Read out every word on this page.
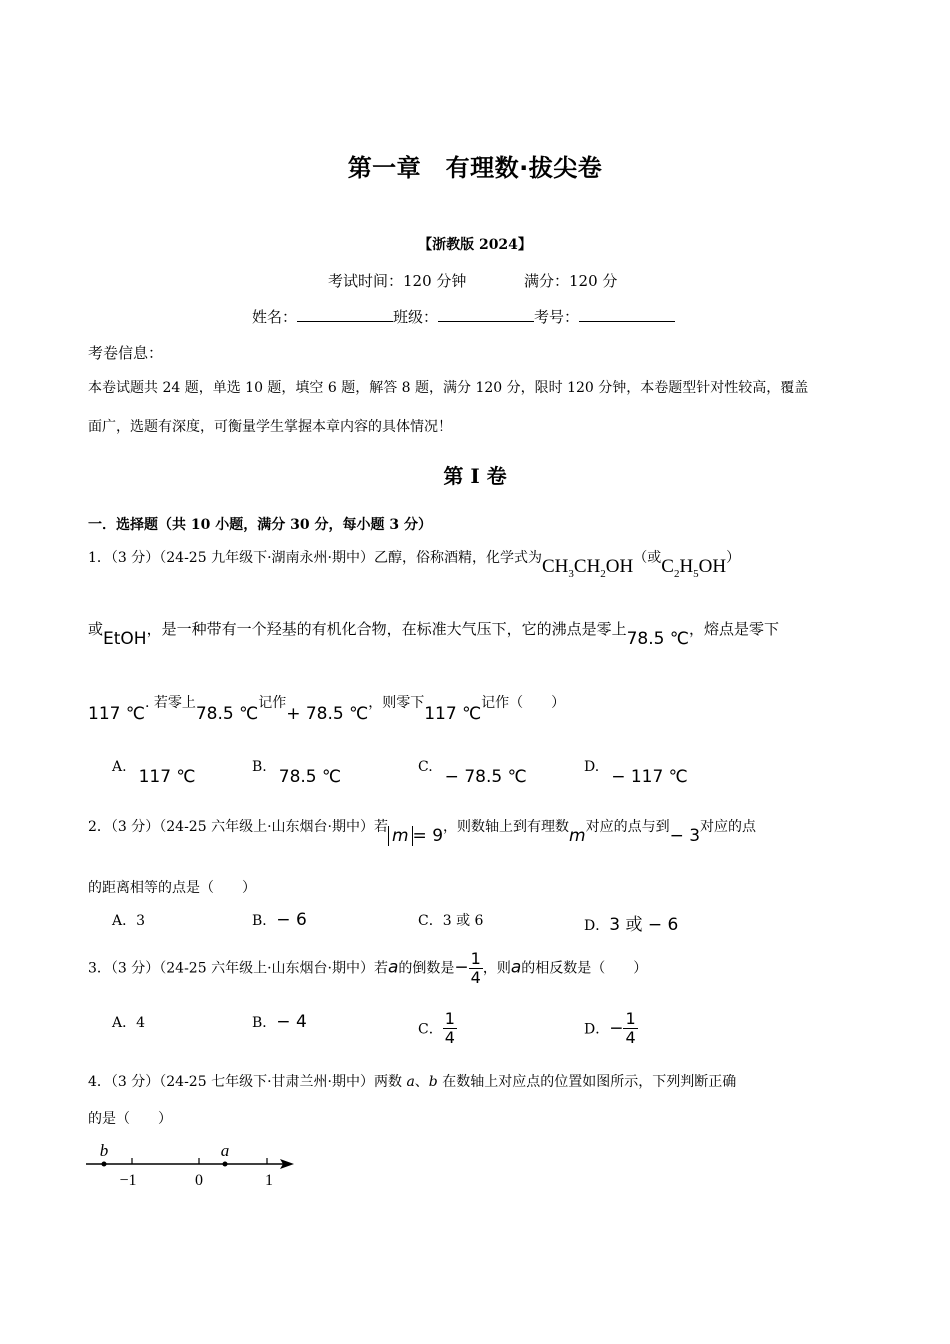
第一章　有理数·拔尖卷
【浙教版 2024】
考试时间：120 分钟	满分：120 分
姓名：	班级：	考号：
考卷信息：
本卷试题共 24 题，单选 10 题，填空 6 题，解答 8 题，满分 120 分，限时 120 分钟，本卷题型针对性较高，覆盖
面广，选题有深度，可衡量学生掌握本章内容的具体情况！
第 I 卷
一．选择题（共 10 小题，满分 30 分，每小题 3 分）
1．（3 分）（24-25 九年级下·湖南永州·期中）乙醇，俗称酒精，化学式为$CH_3CH_2OH$（或$C_2H_5OH$）
或EtOH，是一种带有一个羟基的有机化合物，在标准大气压下，它的沸点是零上78.5 ℃，熔点是零下
117 ℃. 若零上78.5 ℃记作+ 78.5 ℃，则零下117 ℃记作（　　）
A. 117 ℃	B. 78.5 ℃	C. − 78.5 ℃	D. − 117 ℃
2．（3 分）（24-25 六年级上·山东烟台·期中）若 m = 9，则数轴上到有理数m对应的点与到− 3对应的点
的距离相等的点是（　　）
A．3	B．− 6	C．3 或 6	D．3 或 − 6
3．（3 分）（24-25 六年级上·山东烟台·期中）若a的倒数是− $\frac{1}{4}$ ，则a的相反数是（　　）
A．4	B．− 4	C． $\frac{1}{4}$	D．− $\frac{1}{4}$
4．（3 分）（24-25 七年级下·甘肃兰州·期中）两数 a、b 在数轴上对应点的位置如图所示，下列判断正确
的是（　　）
b	a
−1	0	1
